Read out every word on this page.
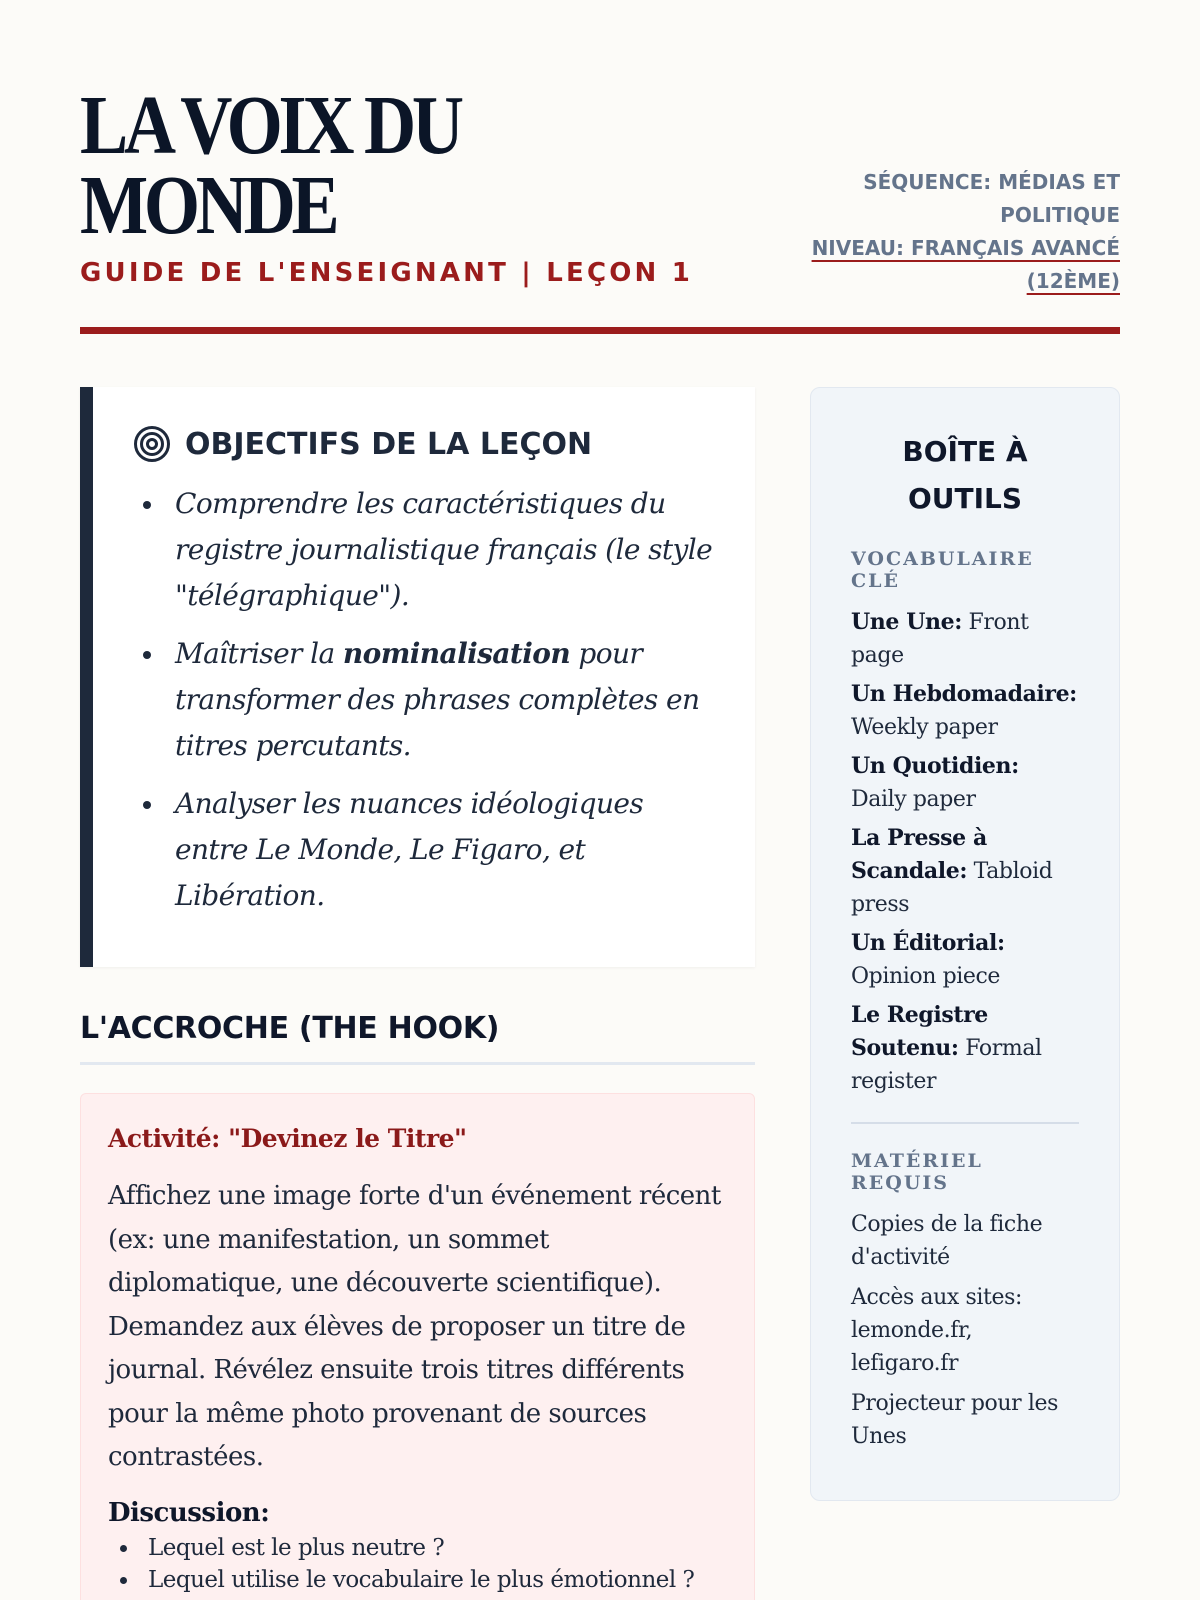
LA VOIX DU
MONDE
GUIDE DE L'ENSEIGNANT | LEÇON 1
SÉQUENCE: MÉDIAS ET POLITIQUE
NIVEAU: FRANÇAIS AVANCÉ (12ÈME)
OBJECTIFS DE LA LEÇON
Comprendre les caractéristiques du registre journalistique français (le style "télégraphique").
Maîtriser la nominalisation pour transformer des phrases complètes en titres percutants.
Analyser les nuances idéologiques entre Le Monde, Le Figaro, et Libération.
L'ACCROCHE (THE HOOK)
Activité: "Devinez le Titre"

Affichez une image forte d'un événement récent (ex: une manifestation, un sommet diplomatique, une découverte scientifique). Demandez aux élèves de proposer un titre de journal. Révélez ensuite trois titres différents pour la même photo provenant de sources contrastées.

Discussion:
Lequel est le plus neutre ?
Lequel utilise le vocabulaire le plus émotionnel ?
BOÎTE À OUTILS
VOCABULAIRE CLÉ
Une Une: Front page
Un Hebdomadaire: Weekly paper
Un Quotidien: Daily paper
La Presse à Scandale: Tabloid press
Un Éditorial: Opinion piece
Le Registre Soutenu: Formal register
MATÉRIEL REQUIS
Copies de la fiche d'activité
Accès aux sites: lemonde.fr, lefigaro.fr
Projecteur pour les Unes
